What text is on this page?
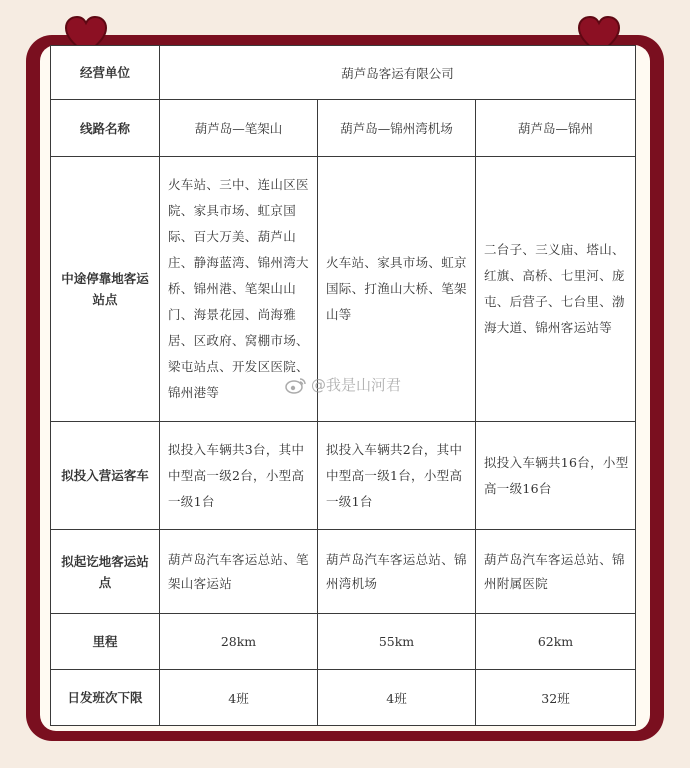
经营单位	葫芦岛客运有限公司		
线路名称	葫芦岛—笔架山	葫芦岛—锦州湾机场	葫芦岛—锦州
中途停靠地客运站点	火车站、三中、连山区医院、家具市场、虹京国际、百大万美、葫芦山庄、静海蓝湾、锦州湾大桥、锦州港、笔架山山门、海景花园、尚海雅居、区政府、窝棚市场、梁屯站点、开发区医院、锦州港等	火车站、家具市场、虹京国际、打渔山大桥、笔架山等	二台子、三义庙、塔山、红旗、高桥、七里河、庞屯、后营子、七台里、渤海大道、锦州客运站等
拟投入营运客车	拟投入车辆共3台，其中中型高一级2台，小型高一级1台	拟投入车辆共2台，其中中型高一级1台，小型高一级1台	拟投入车辆共16台，小型高一级16台
拟起讫地客运站点	葫芦岛汽车客运总站、笔架山客运站	葫芦岛汽车客运总站、锦州湾机场	葫芦岛汽车客运总站、锦州附属医院
里程	28km	55km	62km
日发班次下限	4班	4班	32班
@我是山河君
